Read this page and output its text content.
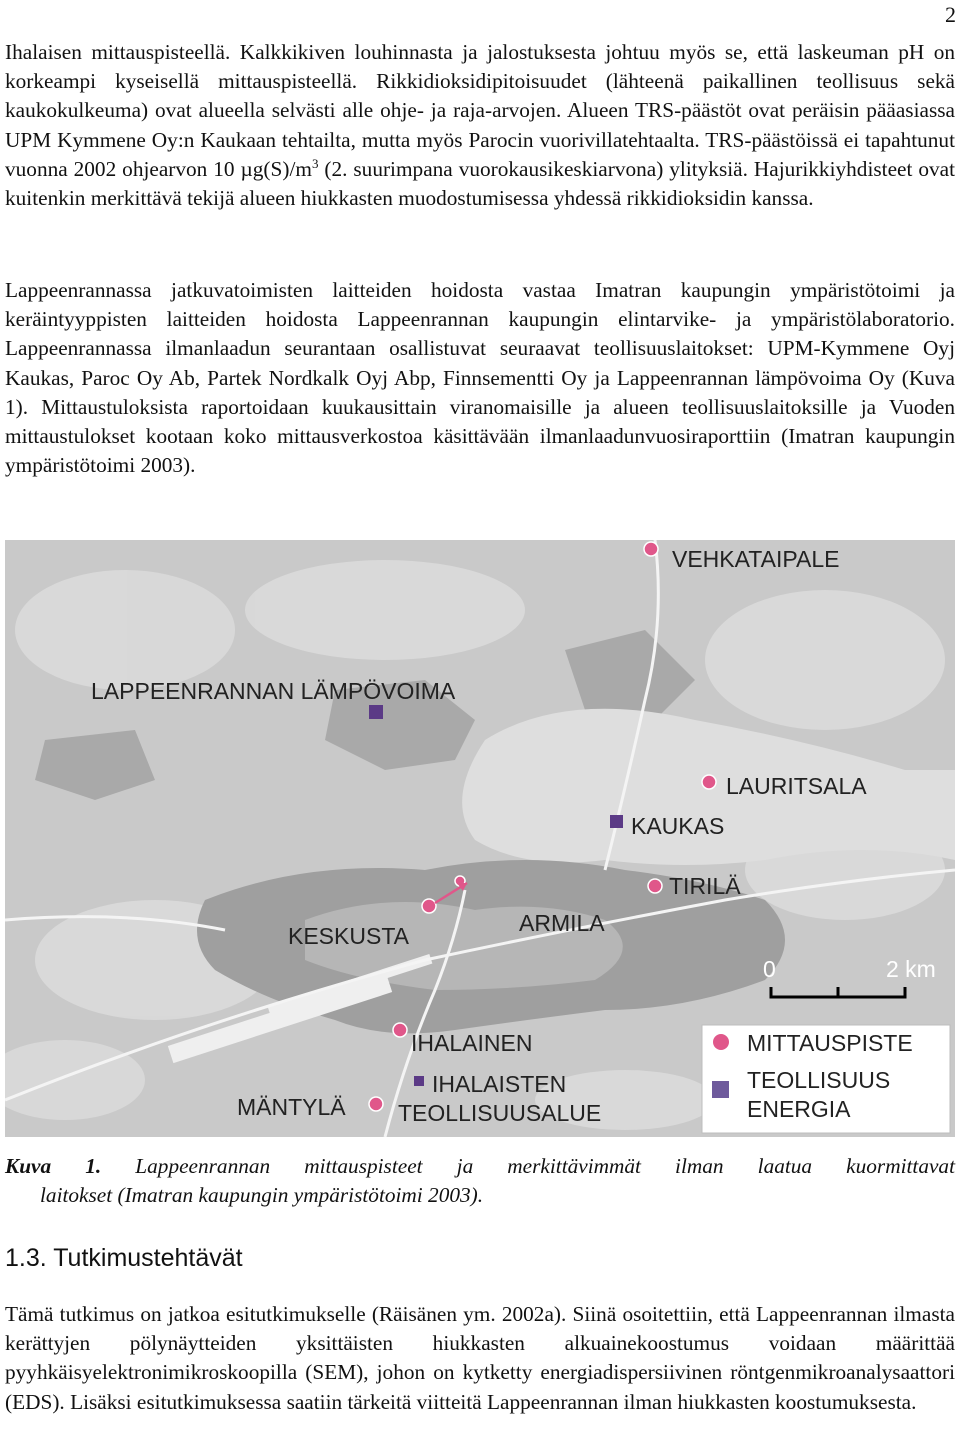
2

Ihalaisen mittauspisteellä. Kalkkikiven louhinnasta ja jalostuksesta johtuu myös se, että laskeuman pH on korkeampi kyseisellä mittauspisteellä. Rikkidioksidipitoisuudet (lähteenä paikallinen teollisuus sekä kaukokulkeuma) ovat alueella selvästi alle ohje- ja raja-arvojen. Alueen TRS-päästöt ovat peräisin pääasiassa UPM Kymmene Oy:n Kaukaan tehtailta, mutta myös Parocin vuorivillatehtaalta. TRS-päästöissä ei tapahtunut vuonna 2002 ohjearvon 10 $\mu g(S)/m^3$ (2. suurimpana vuorokausikeskiarvona) ylityksiä. Hajurikkiyhdisteet ovat kuitenkin merkittävä tekijä alueen hiukkasten muodostumisessa yhdessä rikkidioksidin kanssa.

Lappeenrannassa jatkuvatoimisten laitteiden hoidosta vastaa Imatran kaupungin ympäristötoimi ja keräintyyppisten laitteiden hoidosta Lappeenrannan kaupungin elintarvike- ja ympäristölaboratorio. Lappeenrannassa ilmanlaadun seurantaan osallistuvat seuraavat teollisuuslaitokset: UPM-Kymmene Oyj Kaukas, Paroc Oy Ab, Partek Nordkalk Oyj Abp, Finnsementti Oy ja Lappeenrannan lämpövoima Oy (Kuva 1). Mittaustuloksista raportoidaan kuukausittain viranomaisille ja alueen teollisuuslaitoksille ja Vuoden mittaustulokset kootaan koko mittausverkostoa käsittävään ilmanlaadunvuosiraporttiin (Imatran kaupungin ympäristötoimi 2003).

VEHKATAIPALE
LAPPEENRANNAN LÄMPÖVOIMA
LAURITSALA
KAUKAS
TIRILÄ
ARMILA
KESKUSTA
IHALAINEN
IHALAISTEN
TEOLLISUUSALUE
MÄNTYLÄ
0	2 km
MITTAUSPISTE
TEOLLISUUS
ENERGIA

Kuva 1. Lappeenrannan mittauspisteet ja merkittävimmät ilman laatua kuormittavat
laitokset (Imatran kaupungin ympäristötoimi 2003).

1.3. Tutkimustehtävät

Tämä tutkimus on jatkoa esitutkimukselle (Räisänen ym. 2002a). Siinä osoitettiin, että Lappeenrannan ilmasta kerättyjen pölynäytteiden yksittäisten hiukkasten alkuainekoostumus voidaan määrittää pyyhkäisyelektronimikroskoopilla (SEM), johon on kytketty energiadispersiivinen röntgenmikroanalysaattori (EDS). Lisäksi esitutkimuksessa saatiin tärkeitä viitteitä Lappeenrannan ilman hiukkasten koostumuksesta.
